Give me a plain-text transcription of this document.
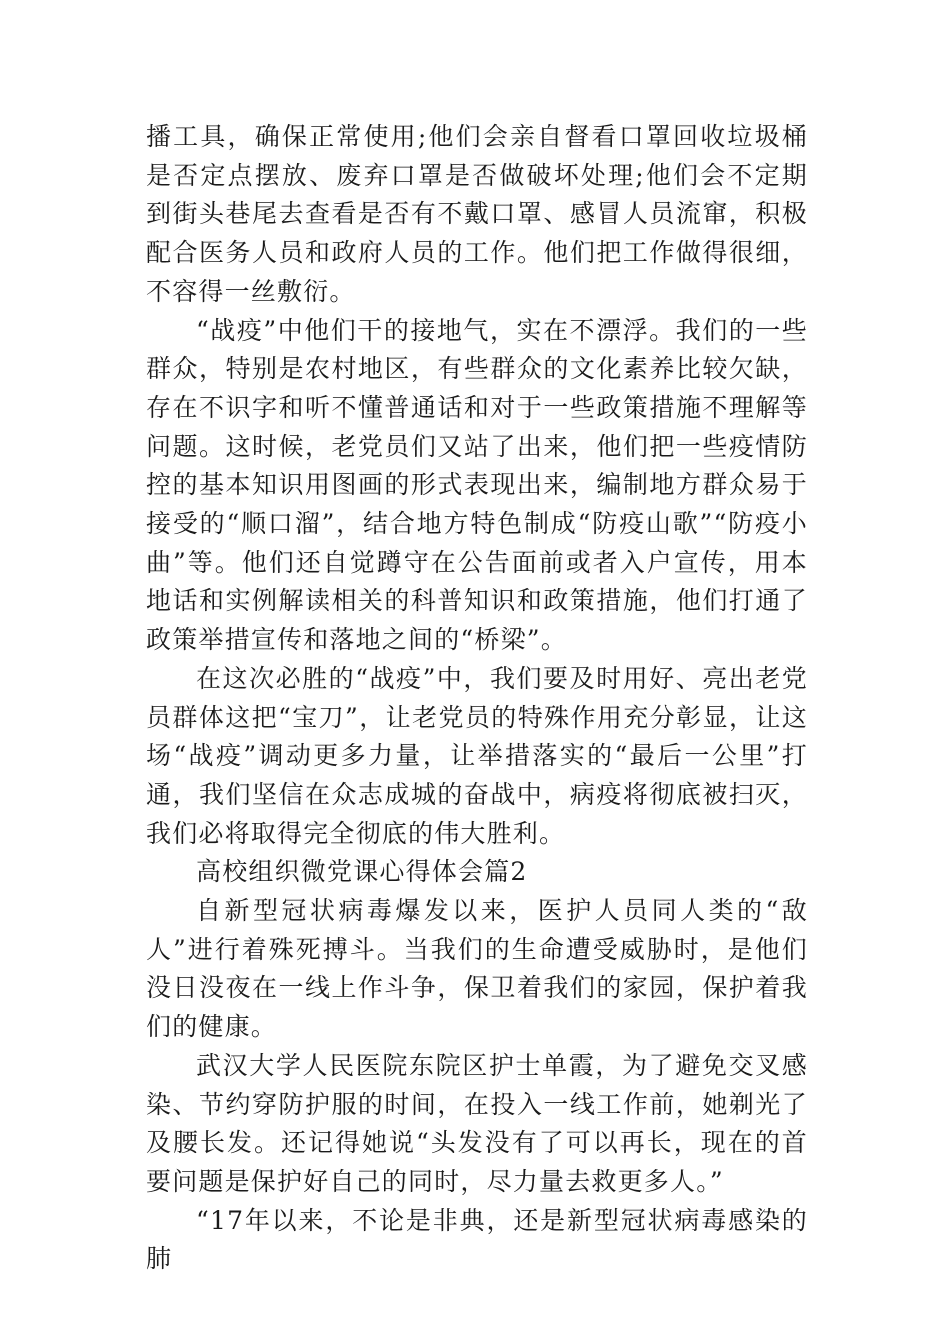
播工具，确保正常使用;他们会亲自督看口罩回收垃圾桶是否定点摆放、废弃口罩是否做破坏处理;他们会不定期到街头巷尾去查看是否有不戴口罩、感冒人员流窜，积极配合医务人员和政府人员的工作。他们把工作做得很细，不容得一丝敷衍。

“战疫”中他们干的接地气，实在不漂浮。我们的一些群众，特别是农村地区，有些群众的文化素养比较欠缺，存在不识字和听不懂普通话和对于一些政策措施不理解等问题。这时候，老党员们又站了出来，他们把一些疫情防控的基本知识用图画的形式表现出来，编制地方群众易于接受的“顺口溜”，结合地方特色制成“防疫山歌”“防疫小曲”等。他们还自觉蹲守在公告面前或者入户宣传，用本地话和实例解读相关的科普知识和政策措施，他们打通了政策举措宣传和落地之间的“桥梁”。

在这次必胜的“战疫”中，我们要及时用好、亮出老党员群体这把“宝刀”，让老党员的特殊作用充分彰显，让这场“战疫”调动更多力量，让举措落实的“最后一公里”打通，我们坚信在众志成城的奋战中，病疫将彻底被扫灭，我们必将取得完全彻底的伟大胜利。

高校组织微党课心得体会篇2

自新型冠状病毒爆发以来，医护人员同人类的“敌人”进行着殊死搏斗。当我们的生命遭受威胁时，是他们没日没夜在一线上作斗争，保卫着我们的家园，保护着我们的健康。

武汉大学人民医院东院区护士单霞，为了避免交叉感染、节约穿防护服的时间，在投入一线工作前，她剃光了及腰长发。还记得她说“头发没有了可以再长，现在的首要问题是保护好自己的同时，尽力量去救更多人。”

“17年以来，不论是非典，还是新型冠状病毒感染的肺
